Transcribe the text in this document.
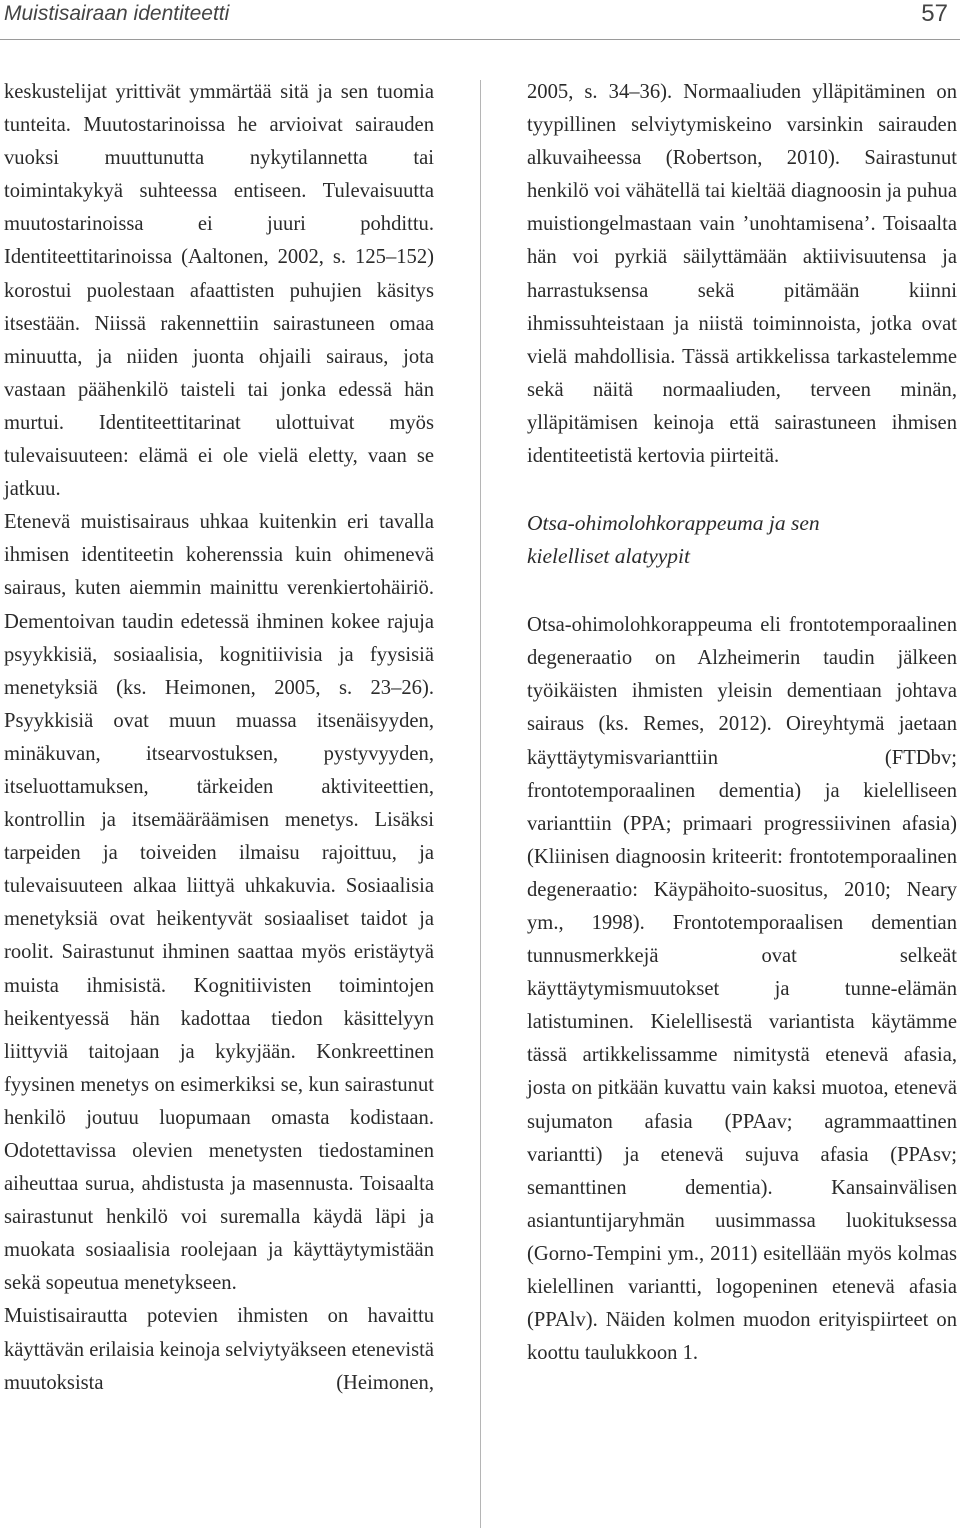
Muistisairaan identiteetti	57

keskustelijat yrittivät ymmärtää sitä ja sen tuomia tunteita. Muutostarinoissa he arvioivat sairauden vuoksi muuttunutta nykytilannetta tai toimintakykyä suhteessa entiseen. Tulevaisuutta muutostarinoissa ei juuri pohdittu. Identiteettitarinoissa (Aaltonen, 2002, s. 125–152) korostui puolestaan afaattisten puhujien käsitys itsestään. Niissä rakennettiin sairastuneen omaa minuutta, ja niiden juonta ohjaili sairaus, jota vastaan päähenkilö taisteli tai jonka edessä hän murtui. Identiteettitarinat ulottuivat myös tulevaisuuteen: elämä ei ole vielä eletty, vaan se jatkuu.

Etenevä muistisairaus uhkaa kuitenkin eri tavalla ihmisen identiteetin koherenssia kuin ohimenevä sairaus, kuten aiemmin mainittu verenkiertohäiriö. Dementoivan taudin edetessä ihminen kokee rajuja psyykkisiä, sosiaalisia, kognitiivisia ja fyysisiä menetyksiä (ks. Heimonen, 2005, s. 23–26). Psyykkisiä ovat muun muassa itsenäisyyden, minäkuvan, itsearvostuksen, pystyvyyden, itseluottamuksen, tärkeiden aktiviteettien, kontrollin ja itsemääräämisen menetys. Lisäksi tarpeiden ja toiveiden ilmaisu rajoittuu, ja tulevaisuuteen alkaa liittyä uhkakuvia. Sosiaalisia menetyksiä ovat heikentyvät sosiaaliset taidot ja roolit. Sairastunut ihminen saattaa myös eristäytyä muista ihmisistä. Kognitiivisten toimintojen heikentyessä hän kadottaa tiedon käsittelyyn liittyviä taitojaan ja kykyjään. Konkreettinen fyysinen menetys on esimerkiksi se, kun sairastunut henkilö joutuu luopumaan omasta kodistaan. Odotettavissa olevien menetysten tiedostaminen aiheuttaa surua, ahdistusta ja masennusta. Toisaalta sairastunut henkilö voi suremalla käydä läpi ja muokata sosiaalisia roolejaan ja käyttäytymistään sekä sopeutua menetykseen.

Muistisairautta potevien ihmisten on havaittu käyttävän erilaisia keinoja selviytyäkseen etenevistä muutoksista (Heimonen,

2005, s. 34–36). Normaaliuden ylläpitäminen on tyypillinen selviytymiskeino varsinkin sairauden alkuvaiheessa (Robertson, 2010). Sairastunut henkilö voi vähätellä tai kieltää diagnoosin ja puhua muistiongelmastaan vain ’unohtamisena’. Toisaalta hän voi pyrkiä säilyttämään aktiivisuutensa ja harrastuksensa sekä pitämään kiinni ihmissuhteistaan ja niistä toiminnoista, jotka ovat vielä mahdollisia. Tässä artikkelissa tarkastelemme sekä näitä normaaliuden, terveen minän, ylläpitämisen keinoja että sairastuneen ihmisen identiteetistä kertovia piirteitä.

Otsa-ohimolohkorappeuma ja sen
kielelliset alatyypit

Otsa-ohimolohkorappeuma eli frontotemporaalinen degeneraatio on Alzheimerin taudin jälkeen työikäisten ihmisten yleisin dementiaan johtava sairaus (ks. Remes, 2012). Oireyhtymä jaetaan käyttäytymisvarianttiin (FTDbv; frontotemporaalinen dementia) ja kielelliseen varianttiin (PPA; primaari progressiivinen afasia) (Kliinisen diagnoosin kriteerit: frontotemporaalinen degeneraatio: Käypähoito-suositus, 2010; Neary ym., 1998). Frontotemporaalisen dementian tunnusmerkkejä ovat selkeät käyttäytymismuutokset ja tunne-elämän latistuminen. Kielellisestä variantista käytämme tässä artikkelissamme nimitystä etenevä afasia, josta on pitkään kuvattu vain kaksi muotoa, etenevä sujumaton afasia (PPAav; agrammaattinen variantti) ja etenevä sujuva afasia (PPAsv; semanttinen dementia). Kansainvälisen asiantuntijaryhmän uusimmassa luokituksessa (Gorno-Tempini ym., 2011) esitellään myös kolmas kielellinen variantti, logopeninen etenevä afasia (PPAlv). Näiden kolmen muodon erityispiirteet on koottu taulukkoon 1.
